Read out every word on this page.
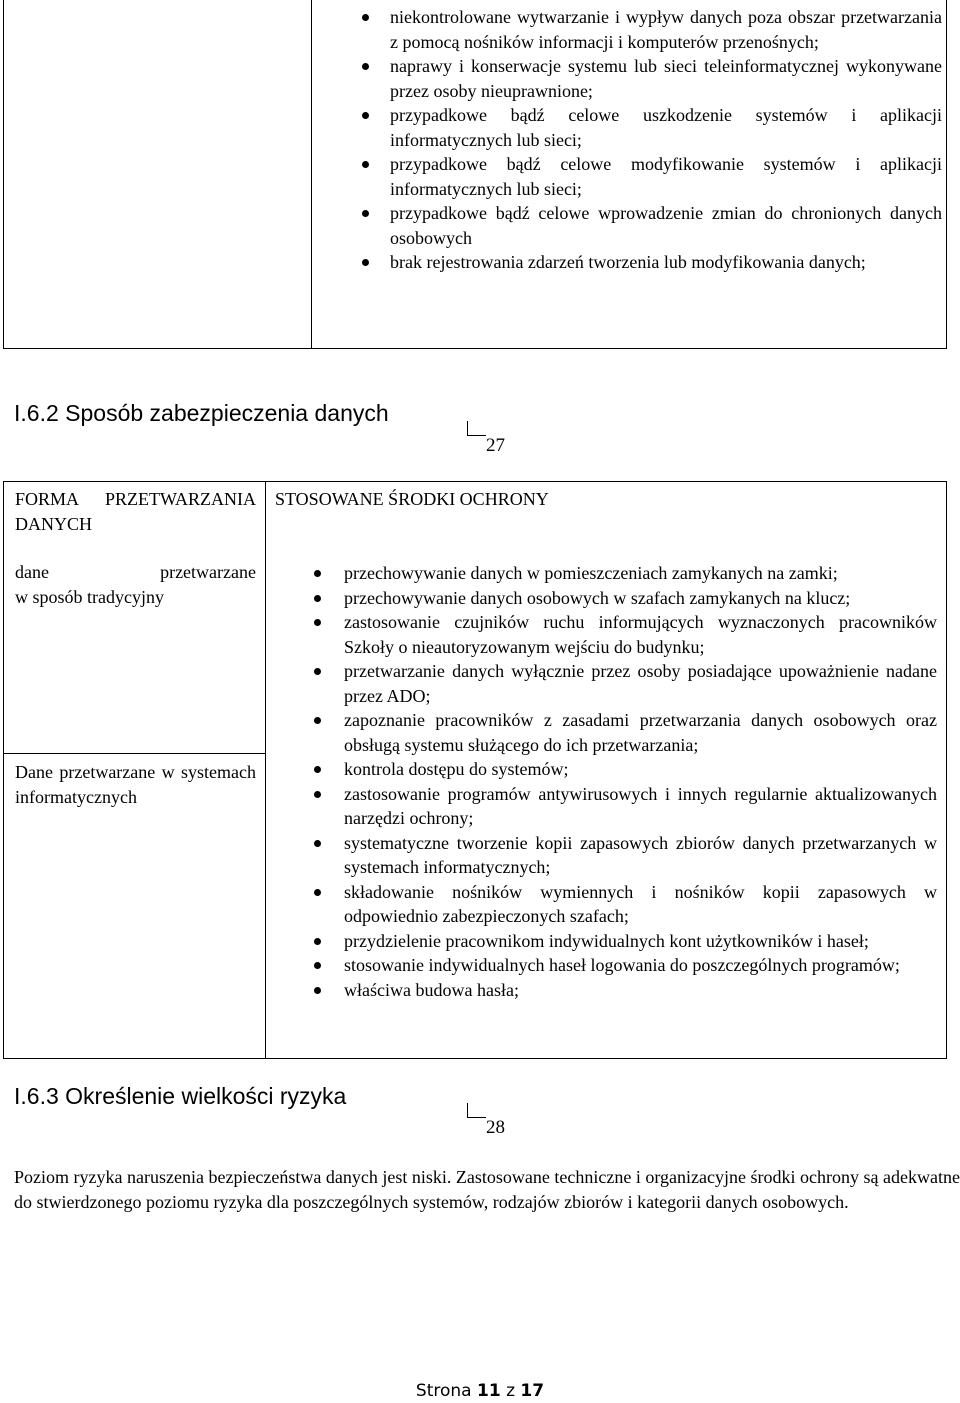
niekontrolowane wytwarzanie i wypływ danych poza obszar przetwarzania z pomocą nośników informacji i komputerów przenośnych;
naprawy i konserwacje systemu lub sieci teleinformatycznej wykonywane przez osoby nieuprawnione;
przypadkowe bądź celowe uszkodzenie systemów i aplikacji informatycznych lub sieci;
przypadkowe bądź celowe modyfikowanie systemów i aplikacji informatycznych lub sieci;
przypadkowe bądź celowe wprowadzenie zmian do chronionych danych osobowych
brak rejestrowania zdarzeń tworzenia lub modyfikowania danych;
I.6.2 Sposób zabezpieczenia danych
27
FORMA PRZETWARZANIA DANYCH
dane przetwarzane
w sposób tradycyjny
Dane przetwarzane w systemach informatycznych
STOSOWANE ŚRODKI OCHRONY
przechowywanie danych w pomieszczeniach zamykanych na zamki;
przechowywanie danych osobowych w szafach zamykanych na klucz;
zastosowanie czujników ruchu informujących wyznaczonych pracowników Szkoły o nieautoryzowanym wejściu do budynku;
przetwarzanie danych wyłącznie przez osoby posiadające upoważnienie nadane przez ADO;
zapoznanie pracowników z zasadami przetwarzania danych osobowych oraz obsługą systemu służącego do ich przetwarzania;
kontrola dostępu do systemów;
zastosowanie programów antywirusowych i innych regularnie aktualizowanych narzędzi ochrony;
systematyczne tworzenie kopii zapasowych zbiorów danych przetwarzanych w systemach informatycznych;
składowanie nośników wymiennych i nośników kopii zapasowych w odpowiednio zabezpieczonych szafach;
przydzielenie pracownikom indywidualnych kont użytkowników i haseł;
stosowanie indywidualnych haseł logowania do poszczególnych programów;
właściwa budowa hasła;
I.6.3 Określenie wielkości ryzyka
28
Poziom ryzyka naruszenia bezpieczeństwa danych jest niski. Zastosowane techniczne i organizacyjne środki ochrony są adekwatne do stwierdzonego poziomu ryzyka dla poszczególnych systemów, rodzajów zbiorów i kategorii danych osobowych.
Strona 11 z 17
